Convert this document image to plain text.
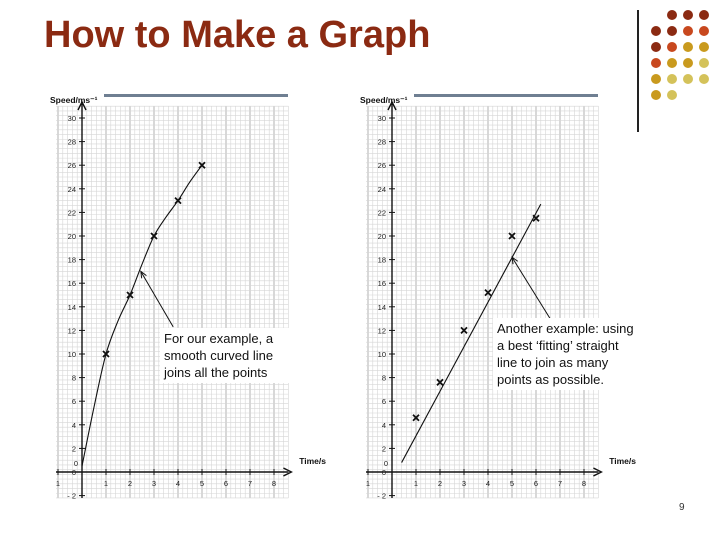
How to Make a Graph
- 2
0
2
4
6
8
10
12
14
16
18
20
22
24
26
28
30
1
0
1	2	3	4	5	6	7	8
Speed/ms⁻¹
Time/s
- 2
0
2
4
6
8
10
12
14
16
18
20
22
24
26
28
30
1
0
1	2	3	4	5	6	7	8
Speed/ms⁻¹
Time/s
For our example, a smooth curved line joins all the points
Another example: using a best ‘fitting’ straight line to join as many points as possible.
9
